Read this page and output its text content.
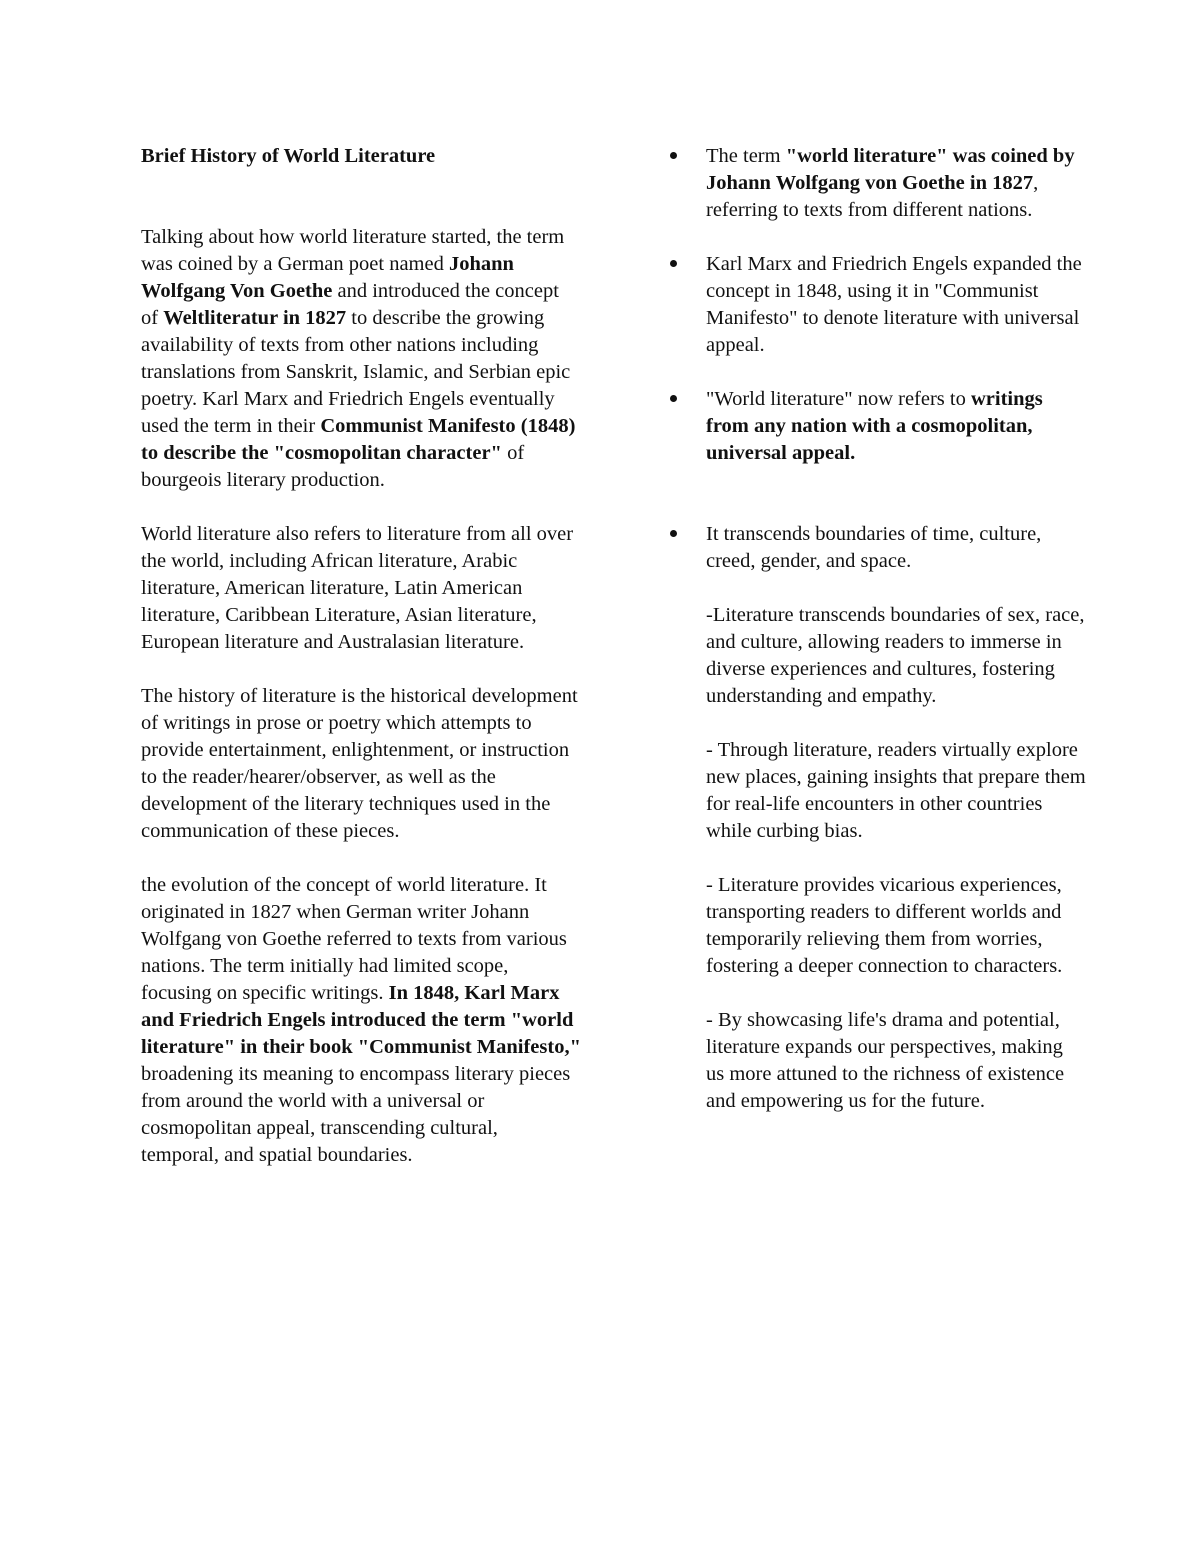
Brief History of World Literature
Talking about how world literature started, the term was coined by a German poet named Johann Wolfgang Von Goethe and introduced the concept of Weltliteratur in 1827 to describe the growing availability of texts from other nations including translations from Sanskrit, Islamic, and Serbian epic poetry. Karl Marx and Friedrich Engels eventually used the term in their Communist Manifesto (1848) to describe the "cosmopolitan character" of bourgeois literary production.
World literature also refers to literature from all over the world, including African literature, Arabic literature, American literature, Latin American literature, Caribbean Literature, Asian literature, European literature and Australasian literature.
The history of literature is the historical development of writings in prose or poetry which attempts to provide entertainment, enlightenment, or instruction to the reader/hearer/observer, as well as the development of the literary techniques used in the communication of these pieces.
the evolution of the concept of world literature. It originated in 1827 when German writer Johann Wolfgang von Goethe referred to texts from various nations. The term initially had limited scope, focusing on specific writings. In 1848, Karl Marx and Friedrich Engels introduced the term "world literature" in their book "Communist Manifesto," broadening its meaning to encompass literary pieces from around the world with a universal or cosmopolitan appeal, transcending cultural, temporal, and spatial boundaries.
The term "world literature" was coined by Johann Wolfgang von Goethe in 1827, referring to texts from different nations.
Karl Marx and Friedrich Engels expanded the concept in 1848, using it in "Communist Manifesto" to denote literature with universal appeal.
"World literature" now refers to writings from any nation with a cosmopolitan, universal appeal.
It transcends boundaries of time, culture, creed, gender, and space.
-Literature transcends boundaries of sex, race, and culture, allowing readers to immerse in diverse experiences and cultures, fostering understanding and empathy.
- Through literature, readers virtually explore new places, gaining insights that prepare them for real-life encounters in other countries while curbing bias.
- Literature provides vicarious experiences, transporting readers to different worlds and temporarily relieving them from worries, fostering a deeper connection to characters.
- By showcasing life's drama and potential, literature expands our perspectives, making us more attuned to the richness of existence and empowering us for the future.
